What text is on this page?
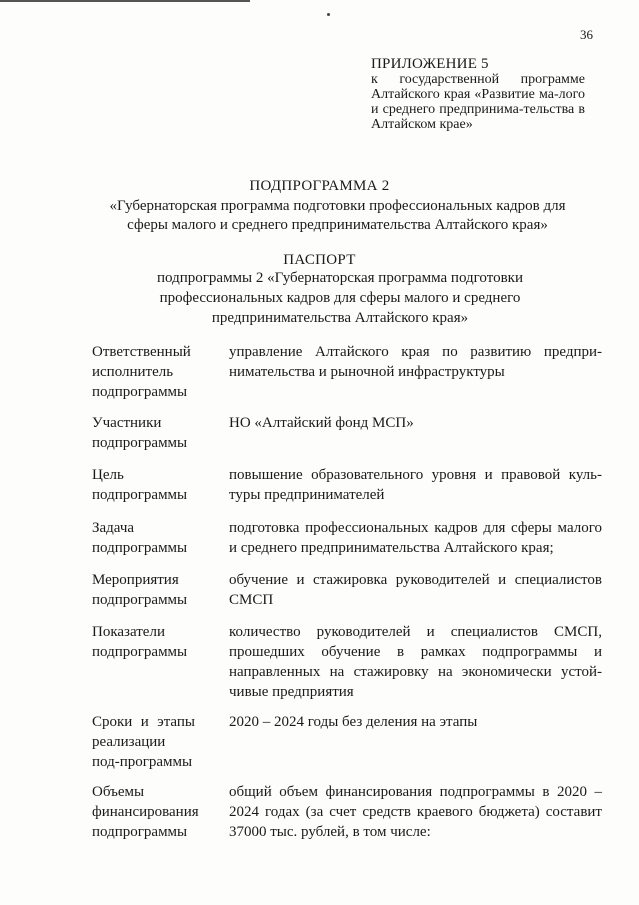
36
ПРИЛОЖЕНИЕ 5
к государственной программе Алтайского края «Развитие ма-лого и среднего предпринима-тельства в Алтайском крае»
ПОДПРОГРАММА 2
«Губернаторская программа подготовки профессиональных кадров для сферы малого и среднего предпринимательства Алтайского края»
ПАСПОРТ
подпрограммы 2 «Губернаторская программа подготовки профессиональных кадров для сферы малого и среднего предпринимательства Алтайского края»
Ответственный исполнитель подпрограммы
управление Алтайского края по развитию предпри-нимательства и рыночной инфраструктуры
Участники подпрограммы
НО «Алтайский фонд МСП»
Цель подпрограммы
повышение образовательного уровня и правовой куль-туры предпринимателей
Задача подпрограммы
подготовка профессиональных кадров для сферы малого и среднего предпринимательства Алтайского края;
Мероприятия подпрограммы
обучение и стажировка руководителей и специалистов СМСП
Показатели подпрограммы
количество руководителей и специалистов СМСП, прошедших обучение в рамках подпрограммы и направленных на стажировку на экономически устой-чивые предприятия
Сроки и этапы реализации под-программы
2020 – 2024 годы без деления на этапы
Объемы финансирования подпрограммы
общий объем финансирования подпрограммы в 2020 – 2024 годах (за счет средств краевого бюджета) составит 37000 тыс. рублей, в том числе:
